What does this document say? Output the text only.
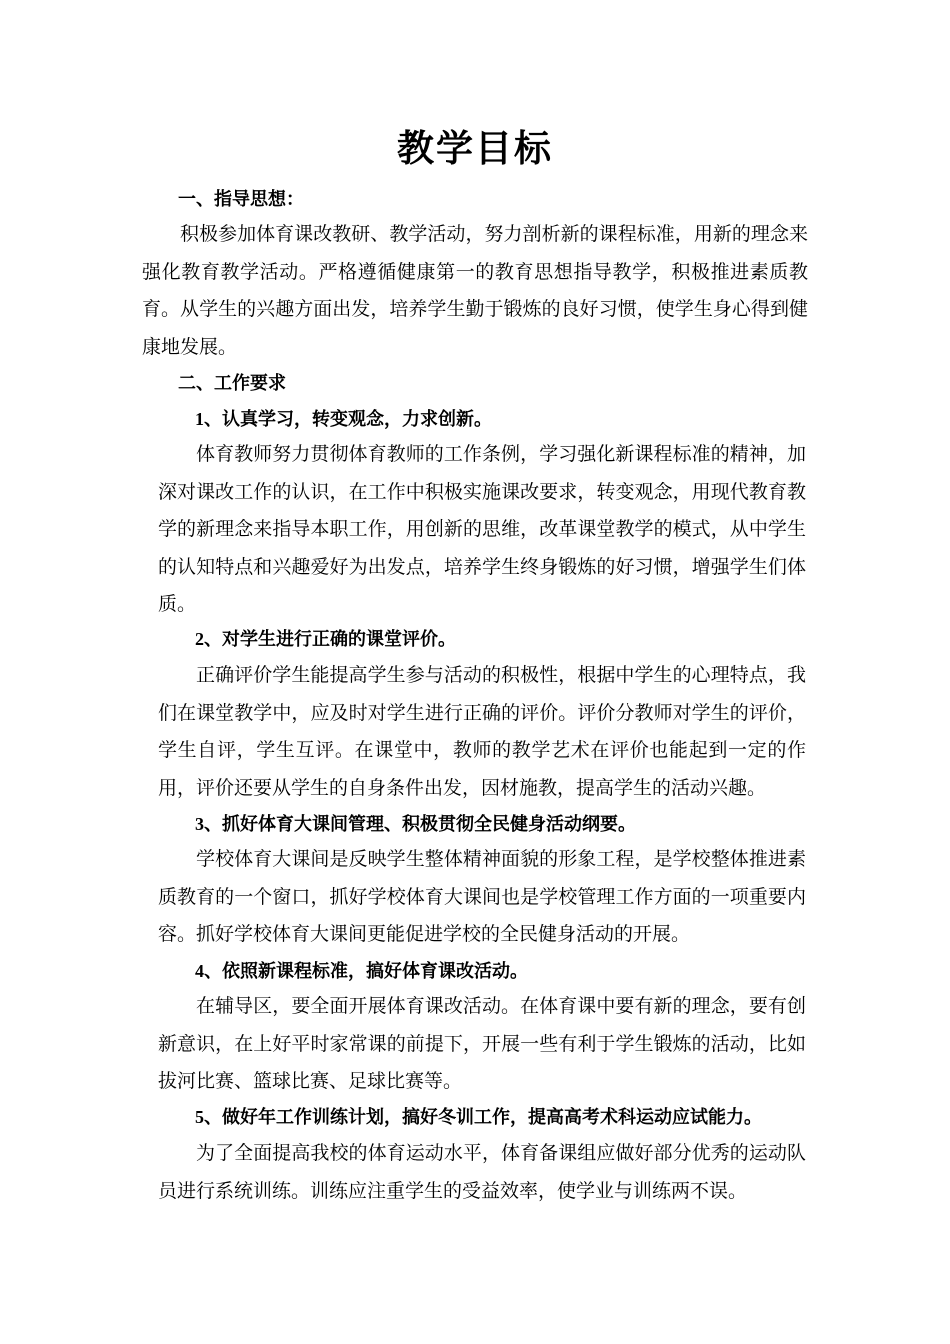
教学目标
一、指导思想：
积极参加体育课改教研、教学活动，努力剖析新的课程标准，用新的理念来强化教育教学活动。严格遵循健康第一的教育思想指导教学，积极推进素质教育。从学生的兴趣方面出发，培养学生勤于锻炼的良好习惯，使学生身心得到健康地发展。
二、工作要求
1、认真学习，转变观念，力求创新。
体育教师努力贯彻体育教师的工作条例，学习强化新课程标准的精神，加深对课改工作的认识，在工作中积极实施课改要求，转变观念，用现代教育教学的新理念来指导本职工作，用创新的思维，改革课堂教学的模式，从中学生的认知特点和兴趣爱好为出发点，培养学生终身锻炼的好习惯，增强学生们体质。
2、对学生进行正确的课堂评价。
正确评价学生能提高学生参与活动的积极性，根据中学生的心理特点，我们在课堂教学中，应及时对学生进行正确的评价。评价分教师对学生的评价，学生自评，学生互评。在课堂中，教师的教学艺术在评价也能起到一定的作用，评价还要从学生的自身条件出发，因材施教，提高学生的活动兴趣。
3、抓好体育大课间管理、积极贯彻全民健身活动纲要。
学校体育大课间是反映学生整体精神面貌的形象工程，是学校整体推进素质教育的一个窗口，抓好学校体育大课间也是学校管理工作方面的一项重要内容。抓好学校体育大课间更能促进学校的全民健身活动的开展。
4、依照新课程标准，搞好体育课改活动。
在辅导区，要全面开展体育课改活动。在体育课中要有新的理念，要有创新意识，在上好平时家常课的前提下，开展一些有利于学生锻炼的活动，比如拔河比赛、篮球比赛、足球比赛等。
5、做好年工作训练计划，搞好冬训工作，提高高考术科运动应试能力。
为了全面提高我校的体育运动水平，体育备课组应做好部分优秀的运动队员进行系统训练。训练应注重学生的受益效率，使学业与训练两不误。
